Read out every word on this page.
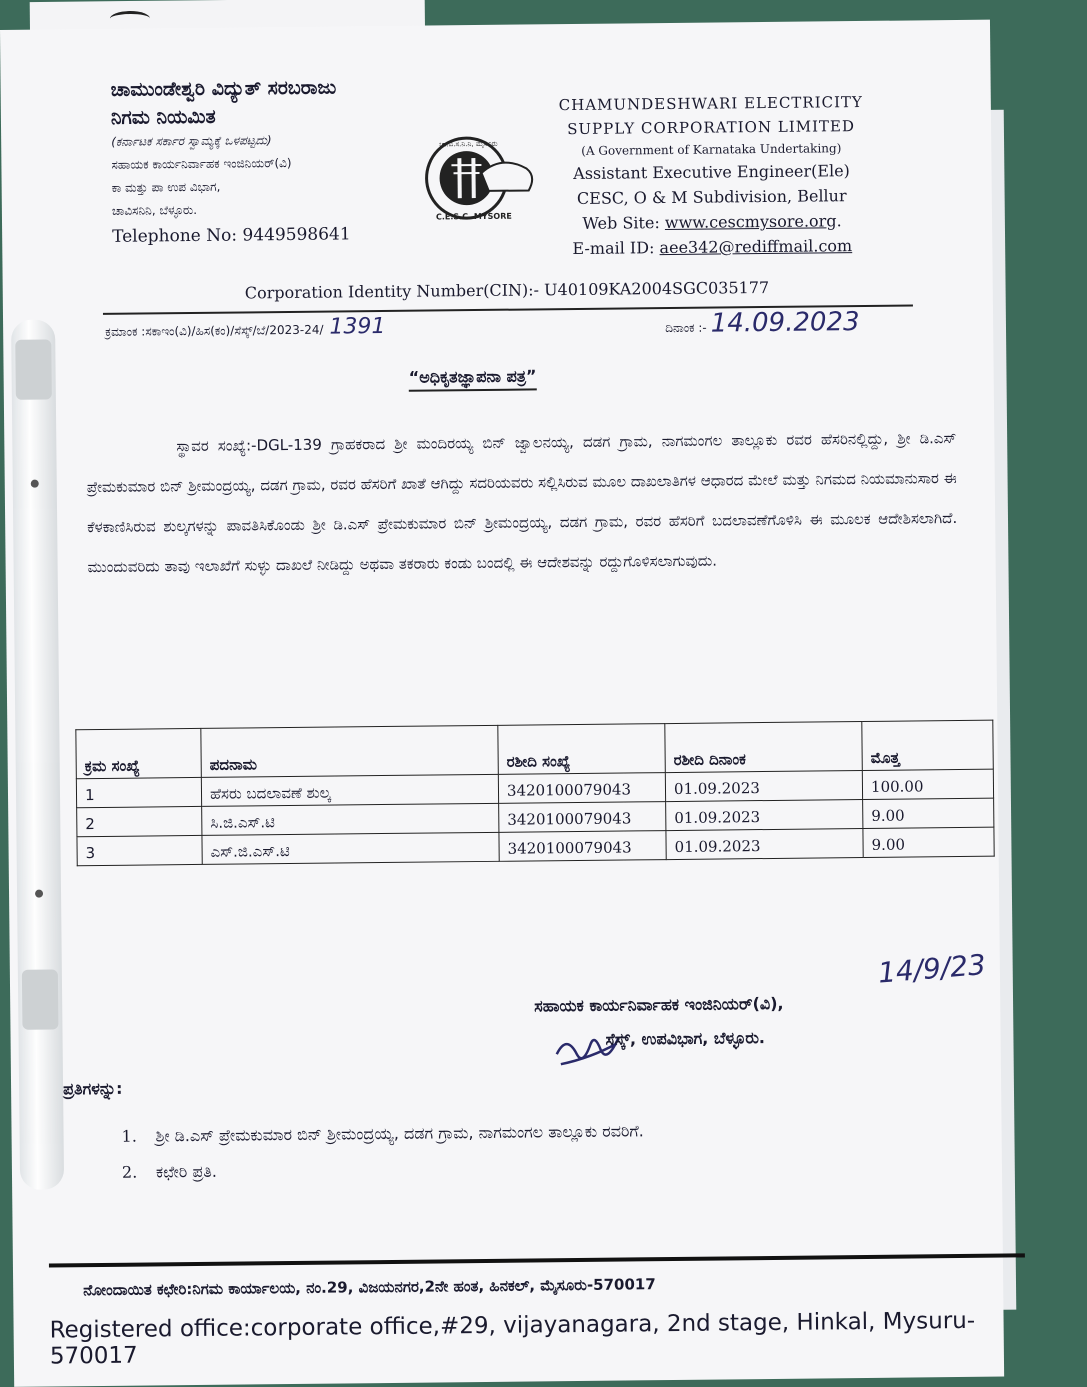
ಚಾಮುಂಡೇಶ್ವರಿ ವಿದ್ಯುತ್ ಸರಬರಾಜು
ನಿಗಮ ನಿಯಮಿತ
(ಕರ್ನಾಟಕ ಸರ್ಕಾರ ಸ್ವಾಮ್ಯಕ್ಕೆ ಒಳಪಟ್ಟದು)
ಸಹಾಯಕ ಕಾರ್ಯನಿರ್ವಾಹಕ ಇಂಜಿನಿಯರ್(ವಿ)
ಕಾ ಮತ್ತು ಪಾ ಉಪ ವಿಭಾಗ,
ಚಾವಿಸನಿನಿ, ಬೆಳ್ಳೂರು.
Telephone No: 9449598641
ಚಾ.ವಿ.ಸ.ನಿ.ನಿ, ಮೈಸೂರು
C.E.S.C. MYSORE
CHAMUNDESHWARI ELECTRICITY
SUPPLY CORPORATION LIMITED
(A Government of Karnataka Undertaking)
Assistant Executive Engineer(Ele)
CESC, O & M Subdivision, Bellur
Web Site: www.cescmysore.org.
E-mail ID: aee342@rediffmail.com
Corporation Identity Number(CIN):- U40109KA2004SGC035177
ಕ್ರಮಾಂಕ :ಸಕಾಇಂ(ವಿ)/ಹಿಸ(ಕಂ)/ಸೆಸ್ಕ್/ಬೆ/2023-24/ 1391	ದಿನಾಂಕ :- 14.09.2023
“ಅಧಿಕೃತಜ್ಞಾಪನಾ ಪತ್ರ”
ಸ್ಥಾವರ ಸಂಖ್ಯೆ:-DGL-139 ಗ್ರಾಹಕರಾದ ಶ್ರೀ ಮಂದಿರಯ್ಯ ಬಿನ್ ಜ್ವಾಲನಯ್ಯ, ದಡಗ ಗ್ರಾಮ, ನಾಗಮಂಗಲ ತಾಲ್ಲೂಕು ರವರ ಹೆಸರಿನಲ್ಲಿದ್ದು, ಶ್ರೀ ಡಿ.ಎಸ್ ಪ್ರೇಮಕುಮಾರ ಬಿನ್ ಶ್ರೀಮಂದ್ರಯ್ಯ, ದಡಗ ಗ್ರಾಮ, ರವರ ಹೆಸರಿಗೆ ಖಾತೆ ಆಗಿದ್ದು ಸದರಿಯವರು ಸಲ್ಲಿಸಿರುವ ಮೂಲ ದಾಖಲಾತಿಗಳ ಆಧಾರದ ಮೇಲೆ ಮತ್ತು ನಿಗಮದ ನಿಯಮಾನುಸಾರ ಈ ಕೆಳಕಾಣಿಸಿರುವ ಶುಲ್ಕಗಳನ್ನು ಪಾವತಿಸಿಕೊಂಡು ಶ್ರೀ ಡಿ.ಎಸ್ ಪ್ರೇಮಕುಮಾರ ಬಿನ್ ಶ್ರೀಮಂದ್ರಯ್ಯ, ದಡಗ ಗ್ರಾಮ, ರವರ ಹೆಸರಿಗೆ ಬದಲಾವಣೆಗೊಳಿಸಿ ಈ ಮೂಲಕ ಆದೇಶಿಸಲಾಗಿದೆ. ಮುಂದುವರಿದು ತಾವು ಇಲಾಖೆಗೆ ಸುಳ್ಳು ದಾಖಲೆ ನೀಡಿದ್ದು ಅಥವಾ ತಕರಾರು ಕಂಡು ಬಂದಲ್ಲಿ ಈ ಆದೇಶವನ್ನು ರದ್ದುಗೊಳಿಸಲಾಗುವುದು.
ಕ್ರಮ ಸಂಖ್ಯೆ	ಪದನಾಮ	ರಶೀದಿ ಸಂಖ್ಯೆ	ರಶೀದಿ ದಿನಾಂಕ	ಮೊತ್ತ
1	ಹೆಸರು ಬದಲಾವಣೆ ಶುಲ್ಕ	3420100079043	01.09.2023	100.00
2	ಸಿ.ಜಿ.ಎಸ್.ಟಿ	3420100079043	01.09.2023	9.00
3	ಎಸ್.ಜಿ.ಎಸ್.ಟಿ	3420100079043	01.09.2023	9.00
14/9/23
ಸಹಾಯಕ ಕಾರ್ಯನಿರ್ವಾಹಕ ಇಂಜಿನಿಯರ್(ವಿ),
ಸೆಸ್ಕ್, ಉಪವಿಭಾಗ, ಬೆಳ್ಳೂರು.
ಪ್ರತಿಗಳನ್ನು:
1.	ಶ್ರೀ ಡಿ.ಎಸ್ ಪ್ರೇಮಕುಮಾರ ಬಿನ್ ಶ್ರೀಮಂದ್ರಯ್ಯ, ದಡಗ ಗ್ರಾಮ, ನಾಗಮಂಗಲ ತಾಲ್ಲೂಕು ರವರಿಗೆ.
2.	ಕಛೇರಿ ಪ್ರತಿ.
ನೋಂದಾಯಿತ ಕಛೇರಿ:ನಿಗಮ ಕಾರ್ಯಾಲಯ, ನಂ.29, ವಿಜಯನಗರ,2ನೇ ಹಂತ, ಹಿನಕಲ್, ಮೈಸೂರು-570017
Registered office:corporate office,#29, vijayanagara, 2nd stage, Hinkal, Mysuru-570017
